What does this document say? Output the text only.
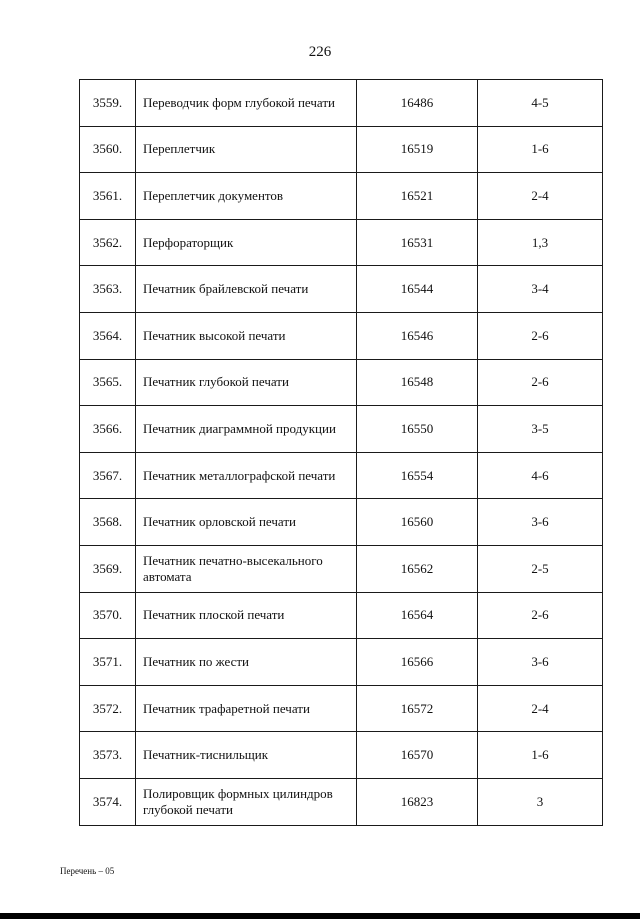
226
3559.	Переводчик форм глубокой печати	16486	4-5
3560.	Переплетчик	16519	1-6
3561.	Переплетчик документов	16521	2-4
3562.	Перфораторщик	16531	1,3
3563.	Печатник брайлевской печати	16544	3-4
3564.	Печатник высокой печати	16546	2-6
3565.	Печатник глубокой печати	16548	2-6
3566.	Печатник диаграммной продукции	16550	3-5
3567.	Печатник металлографской печати	16554	4-6
3568.	Печатник орловской печати	16560	3-6
3569.	Печатник печатно-высекального автомата	16562	2-5
3570.	Печатник плоской печати	16564	2-6
3571.	Печатник по жести	16566	3-6
3572.	Печатник трафаретной печати	16572	2-4
3573.	Печатник-тиснильщик	16570	1-6
3574.	Полировщик формных цилиндров глубокой печати	16823	3
Перечень – 05
